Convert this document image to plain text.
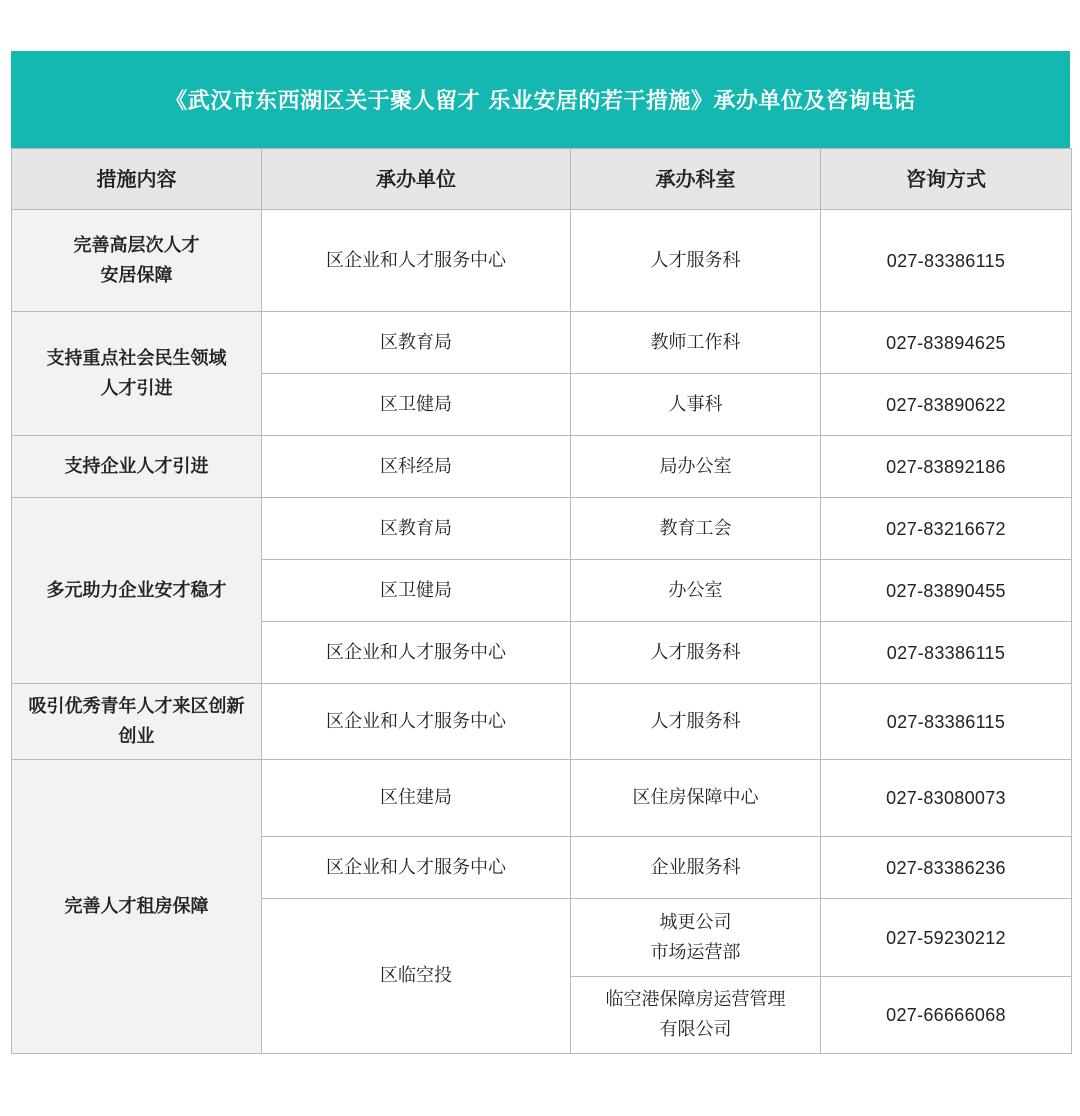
《武汉市东西湖区关于聚人留才 乐业安居的若干措施》承办单位及咨询电话
措施内容	承办单位	承办科室	咨询方式

完善高层次人才
安居保障	区企业和人才服务中心	人才服务科	027-83386115

支持重点社会民生领域
人才引进	区教育局	教师工作科	027-83894625
	区卫健局	人事科	027-83890622

支持企业人才引进	区科经局	局办公室	027-83892186

多元助力企业安才稳才	区教育局	教育工会	027-83216672
	区卫健局	办公室	027-83890455
	区企业和人才服务中心	人才服务科	027-83386115

吸引优秀青年人才来区创新
创业	区企业和人才服务中心	人才服务科	027-83386115

完善人才租房保障	区住建局	区住房保障中心	027-83080073
	区企业和人才服务中心	企业服务科	027-83386236
	区临空投	城更公司
市场运营部	027-59230212

		临空港保障房运营管理
有限公司	027-66666068
